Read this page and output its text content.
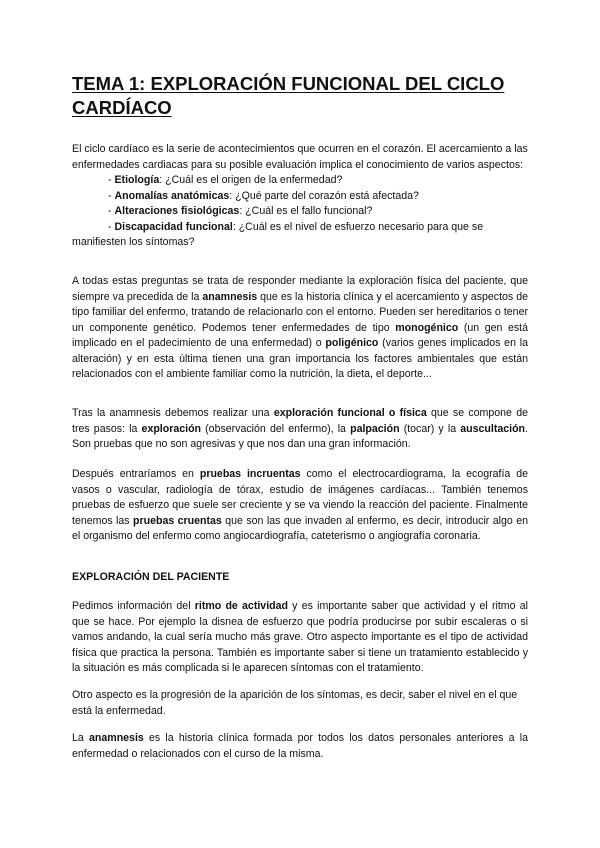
TEMA 1: EXPLORACIÓN FUNCIONAL DEL CICLO CARDÍACO
El ciclo cardíaco es la serie de acontecimientos que ocurren en el corazón. El acercamiento a las enfermedades cardiacas para su posible evaluación implica el conocimiento de varios aspectos:
- Etiología: ¿Cuál es el origen de la enfermedad?
- Anomalías anatómicas: ¿Qué parte del corazón está afectada?
- Alteraciones fisiológicas: ¿Cuál es el fallo funcional?
- Discapacidad funcional: ¿Cuál es el nivel de esfuerzo necesario para que se manifiesten los síntomas?

A todas estas preguntas se trata de responder mediante la exploración física del paciente, que siempre va precedida de la anamnesis que es la historia clínica y el acercamiento y aspectos de tipo familiar del enfermo, tratando de relacionarlo con el entorno. Pueden ser hereditarios o tener un componente genético. Podemos tener enfermedades de tipo monogénico (un gen está implicado en el padecimiento de una enfermedad) o poligénico (varios genes implicados en la alteración) y en esta última tienen una gran importancia los factores ambientales que están relacionados con el ambiente familiar como la nutrición, la dieta, el deporte...

Tras la anamnesis debemos realizar una exploración funcional o física que se compone de tres pasos: la exploración (observación del enfermo), la palpación (tocar) y la auscultación. Son pruebas que no son agresivas y que nos dan una gran información.

Después entraríamos en pruebas incruentas como el electrocardiograma, la ecografía de vasos o vascular, radiología de tórax, estudio de imágenes cardíacas... También tenemos pruebas de esfuerzo que suele ser creciente y se va viendo la reacción del paciente. Finalmente tenemos las pruebas cruentas que son las que invaden al enfermo, es decir, introducir algo en el organismo del enfermo como angiocardiografía, cateterismo o angiografía coronaria.

EXPLORACIÓN DEL PACIENTE

Pedimos información del ritmo de actividad y es importante saber que actividad y el ritmo al que se hace. Por ejemplo la disnea de esfuerzo que podría producirse por subir escaleras o si vamos andando, la cual sería mucho más grave. Otro aspecto importante es el tipo de actividad física que practica la persona. También es importante saber si tiene un tratamiento establecido y la situación es más complicada si le aparecen síntomas con el tratamiento.

Otro aspecto es la progresión de la aparición de los síntomas, es decir, saber el nivel en el que está la enfermedad.

La anamnesis es la historia clínica formada por todos los datos personales anteriores a la enfermedad o relacionados con el curso de la misma.
